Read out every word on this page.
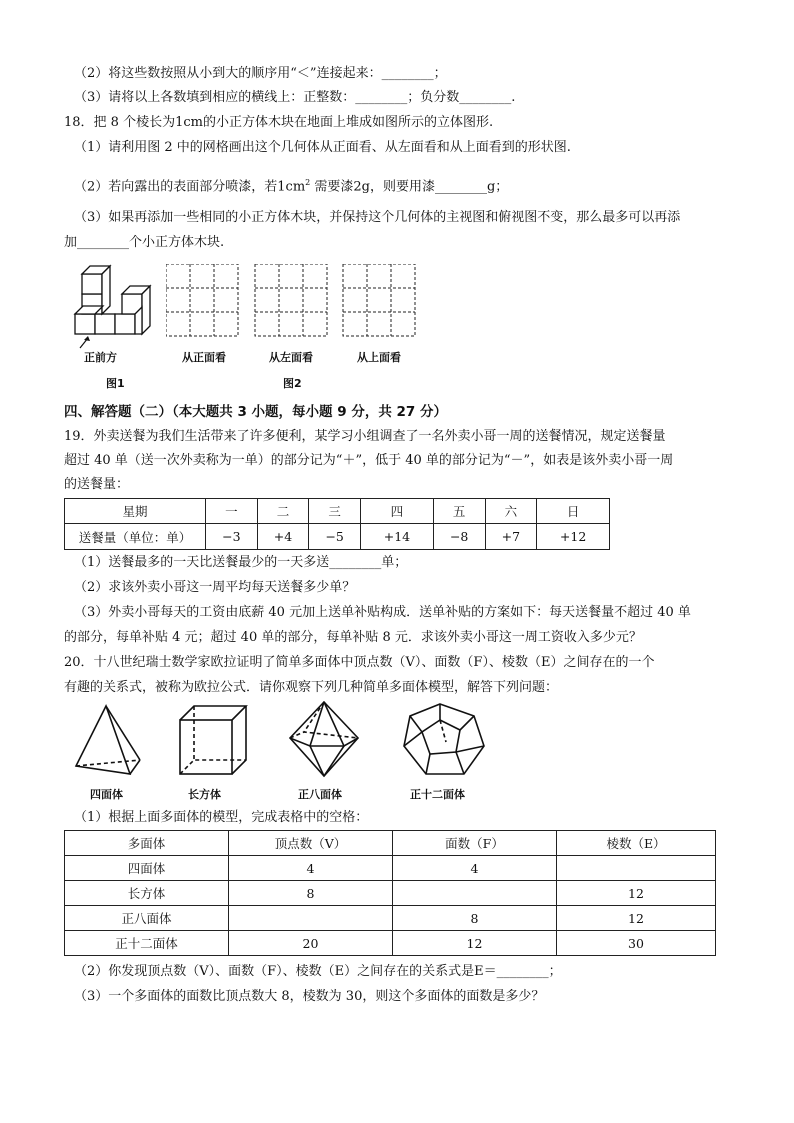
（2）将这些数按照从小到大的顺序用“＜”连接起来：________；
（3）请将以上各数填到相应的横线上：正整数：________；负分数________.
18．把 8 个棱长为1cm的小正方体木块在地面上堆成如图所示的立体图形.
（1）请利用图 2 中的网格画出这个几何体从正面看、从左面看和从上面看到的形状图.
（2）若向露出的表面部分喷漆，若$1cm^2$ 需要漆2g，则要用漆________g；
（3）如果再添加一些相同的小正方体木块，并保持这个几何体的主视图和俯视图不变，那么最多可以再添
加________个小正方体木块.
正前方
图1
从正面看	从左面看	从上面看
图2
四、解答题（二）（本大题共 3 小题，每小题 9 分，共 27 分）
19．外卖送餐为我们生活带来了许多便利，某学习小组调查了一名外卖小哥一周的送餐情况，规定送餐量
超过 40 单（送一次外卖称为一单）的部分记为“＋”，低于 40 单的部分记为“－”，如表是该外卖小哥一周
的送餐量：
星期	一	二	三	四	五	六	日
送餐量（单位：单）	−3	+4	−5	+14	−8	+7	+12
（1）送餐最多的一天比送餐最少的一天多送________单；
（2）求该外卖小哥这一周平均每天送餐多少单？
（3）外卖小哥每天的工资由底薪 40 元加上送单补贴构成．送单补贴的方案如下：每天送餐量不超过 40 单
的部分，每单补贴 4 元；超过 40 单的部分，每单补贴 8 元．求该外卖小哥这一周工资收入多少元？
20．十八世纪瑞士数学家欧拉证明了简单多面体中顶点数（V）、面数（F）、棱数（E）之间存在的一个
有趣的关系式，被称为欧拉公式．请你观察下列几种简单多面体模型，解答下列问题：
四面体	长方体	正八面体	正十二面体
（1）根据上面多面体的模型，完成表格中的空格：
多面体	顶点数（V）	面数（F）	棱数（E）
四面体	4	4	
长方体	8		12
正八面体		8	12
正十二面体	20	12	30
（2）你发现顶点数（V）、面数（F）、棱数（E）之间存在的关系式是E＝________；
（3）一个多面体的面数比顶点数大 8，棱数为 30，则这个多面体的面数是多少？
